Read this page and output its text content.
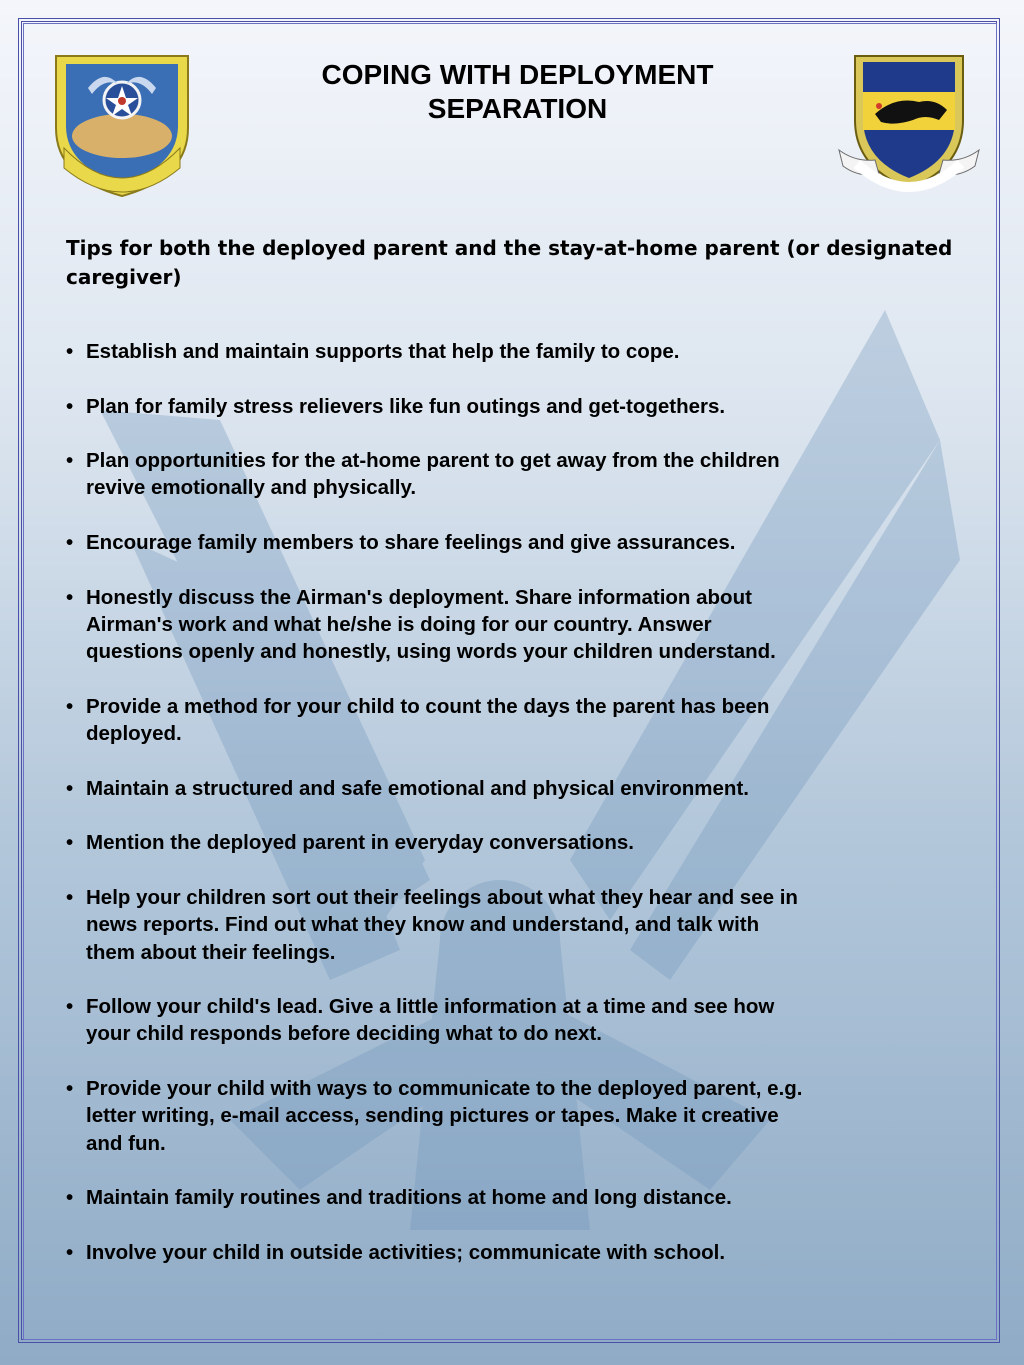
COPING WITH DEPLOYMENT
SEPARATION
Tips for both the deployed parent and the stay-at-home parent (or designated
caregiver)
• Establish and maintain supports that help the family to cope.
• Plan for family stress relievers like fun outings and get-togethers.
• Plan opportunities for the at-home parent to get away from the children
revive emotionally and physically.
• Encourage family members to share feelings and give assurances.
• Honestly discuss the Airman's deployment. Share information about
Airman's work and what he/she is doing for our country. Answer
questions openly and honestly, using words your children understand.
• Provide a method for your child to count the days the parent has been
deployed.
• Maintain a structured and safe emotional and physical environment.
• Mention the deployed parent in everyday conversations.
• Help your children sort out their feelings about what they hear and see in
news reports. Find out what they know and understand, and talk with
them about their feelings.
• Follow your child's lead. Give a little information at a time and see how
your child responds before deciding what to do next.
• Provide your child with ways to communicate to the deployed parent, e.g.
letter writing, e-mail access, sending pictures or tapes. Make it creative
and fun.
• Maintain family routines and traditions at home and long distance.
• Involve your child in outside activities; communicate with school.
